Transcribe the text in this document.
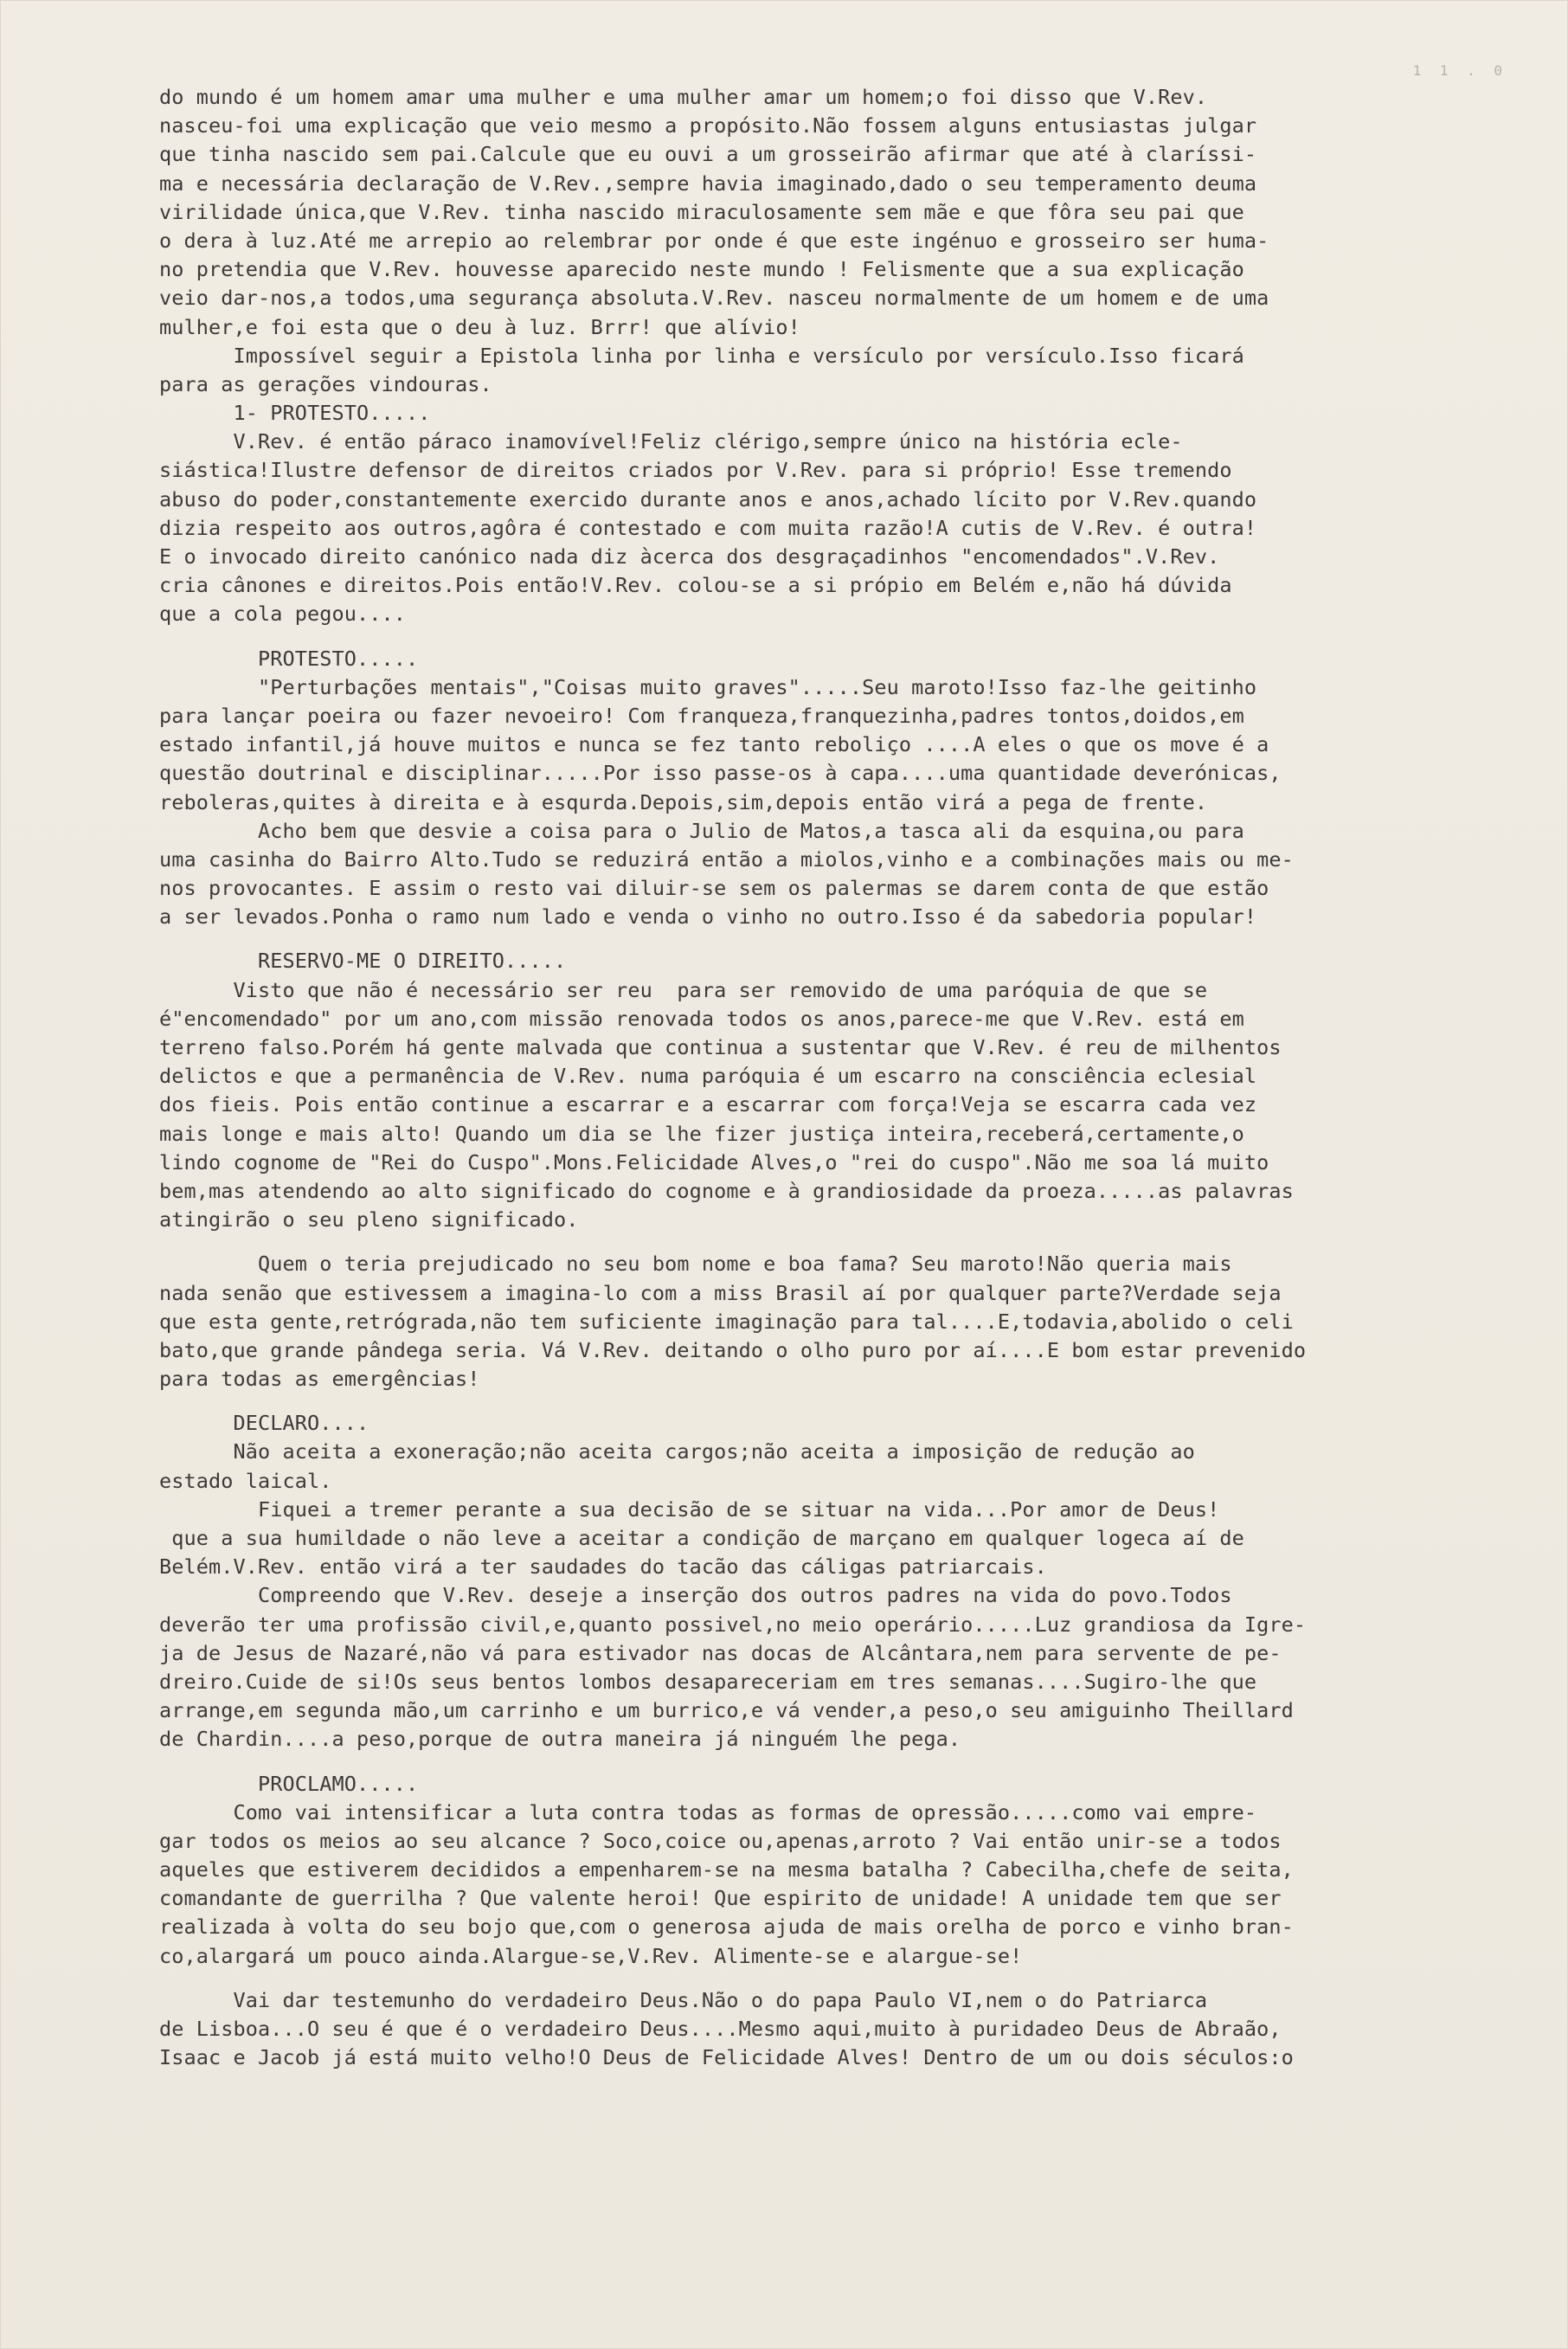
1 1 . 0
do mundo é um homem amar uma mulher e uma mulher amar um homem;o foi disso que V.Rev.
nasceu-foi uma explicação que veio mesmo a propósito.Não fossem alguns entusiastas julgar
que tinha nascido sem pai.Calcule que eu ouvi a um grosseirão afirmar que até à claríssi-
ma e necessária declaração de V.Rev.,sempre havia imaginado,dado o seu temperamento deuma
virilidade única,que V.Rev. tinha nascido miraculosamente sem mãe e que fôra seu pai que
o dera à luz.Até me arrepio ao relembrar por onde é que este ingénuo e grosseiro ser huma-
no pretendia que V.Rev. houvesse aparecido neste mundo ! Felismente que a sua explicação
veio dar-nos,a todos,uma segurança absoluta.V.Rev. nasceu normalmente de um homem e de uma
mulher,e foi esta que o deu à luz. Brrr! que alívio!
Impossível seguir a Epistola linha por linha e versículo por versículo.Isso ficará
para as gerações vindouras.
1- PROTESTO.....
V.Rev. é então páraco inamovível!Feliz clérigo,sempre único na história ecle-
siástica!Ilustre defensor de direitos criados por V.Rev. para si próprio! Esse tremendo
abuso do poder,constantemente exercido durante anos e anos,achado lícito por V.Rev.quando
dizia respeito aos outros,agôra é contestado e com muita razão!A cutis de V.Rev. é outra!
E o invocado direito canónico nada diz àcerca dos desgraçadinhos "encomendados".V.Rev.
cria cânones e direitos.Pois então!V.Rev. colou-se a si própio em Belém e,não há dúvida
que a cola pegou....
PROTESTO.....
"Perturbações mentais","Coisas muito graves".....Seu maroto!Isso faz-lhe geitinho
para lançar poeira ou fazer nevoeiro! Com franqueza,franquezinha,padres tontos,doidos,em
estado infantil,já houve muitos e nunca se fez tanto reboliço ....A eles o que os move é a
questão doutrinal e disciplinar.....Por isso passe-os à capa....uma quantidade deverónicas,
reboleras,quites à direita e à esqurda.Depois,sim,depois então virá a pega de frente.
Acho bem que desvie a coisa para o Julio de Matos,a tasca ali da esquina,ou para
uma casinha do Bairro Alto.Tudo se reduzirá então a miolos,vinho e a combinações mais ou me-
nos provocantes. E assim o resto vai diluir-se sem os palermas se darem conta de que estão
a ser levados.Ponha o ramo num lado e venda o vinho no outro.Isso é da sabedoria popular!
RESERVO-ME O DIREITO.....
Visto que não é necessário ser reu  para ser removido de uma paróquia de que se
é"encomendado" por um ano,com missão renovada todos os anos,parece-me que V.Rev. está em
terreno falso.Porém há gente malvada que continua a sustentar que V.Rev. é reu de milhentos
delictos e que a permanência de V.Rev. numa paróquia é um escarro na consciência eclesial
dos fieis. Pois então continue a escarrar e a escarrar com força!Veja se escarra cada vez
mais longe e mais alto! Quando um dia se lhe fizer justiça inteira,receberá,certamente,o
lindo cognome de "Rei do Cuspo".Mons.Felicidade Alves,o "rei do cuspo".Não me soa lá muito
bem,mas atendendo ao alto significado do cognome e à grandiosidade da proeza.....as palavras
atingirão o seu pleno significado.
Quem o teria prejudicado no seu bom nome e boa fama? Seu maroto!Não queria mais
nada senão que estivessem a imagina-lo com a miss Brasil aí por qualquer parte?Verdade seja
que esta gente,retrógrada,não tem suficiente imaginação para tal....E,todavia,abolido o celi
bato,que grande pândega seria. Vá V.Rev. deitando o olho puro por aí....E bom estar prevenido
para todas as emergências!
DECLARO....
Não aceita a exoneração;não aceita cargos;não aceita a imposição de redução ao
estado laical.
Fiquei a tremer perante a sua decisão de se situar na vida...Por amor de Deus!
que a sua humildade o não leve a aceitar a condição de marçano em qualquer logeca aí de
Belém.V.Rev. então virá a ter saudades do tacão das cáligas patriarcais.
Compreendo que V.Rev. deseje a inserção dos outros padres na vida do povo.Todos
deverão ter uma profissão civil,e,quanto possivel,no meio operário.....Luz grandiosa da Igre-
ja de Jesus de Nazaré,não vá para estivador nas docas de Alcântara,nem para servente de pe-
dreiro.Cuide de si!Os seus bentos lombos desapareceriam em tres semanas....Sugiro-lhe que
arrange,em segunda mão,um carrinho e um burrico,e vá vender,a peso,o seu amiguinho Theillard
de Chardin....a peso,porque de outra maneira já ninguém lhe pega.
PROCLAMO.....
Como vai intensificar a luta contra todas as formas de opressão.....como vai empre-
gar todos os meios ao seu alcance ? Soco,coice ou,apenas,arroto ? Vai então unir-se a todos
aqueles que estiverem decididos a empenharem-se na mesma batalha ? Cabecilha,chefe de seita,
comandante de guerrilha ? Que valente heroi! Que espirito de unidade! A unidade tem que ser
realizada à volta do seu bojo que,com o generosa ajuda de mais orelha de porco e vinho bran-
co,alargará um pouco ainda.Alargue-se,V.Rev. Alimente-se e alargue-se!
Vai dar testemunho do verdadeiro Deus.Não o do papa Paulo VI,nem o do Patriarca
de Lisboa...O seu é que é o verdadeiro Deus....Mesmo aqui,muito à puridadeo Deus de Abraão,
Isaac e Jacob já está muito velho!O Deus de Felicidade Alves! Dentro de um ou dois séculos:o
